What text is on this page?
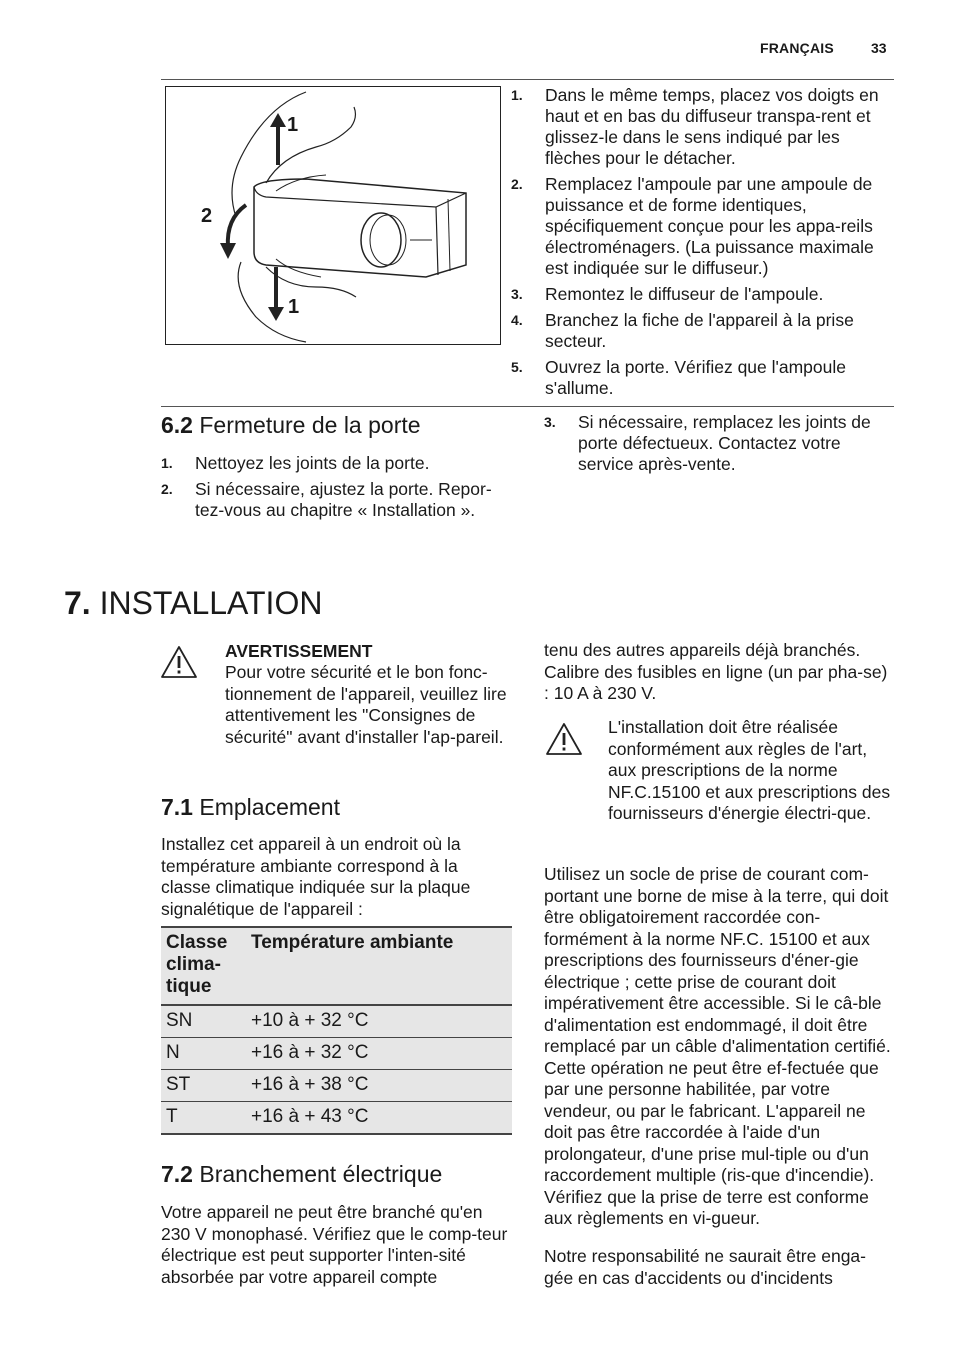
FRANÇAIS	33
1
2
1
1. Dans le même temps, placez vos doigts en haut et en bas du diffuseur transpa-rent et glissez-le dans le sens indiqué par les flèches pour le détacher.
2. Remplacez l'ampoule par une ampoule de puissance et de forme identiques, spécifiquement conçue pour les appa-reils électroménagers. (La puissance maximale est indiquée sur le diffuseur.)
3. Remontez le diffuseur de l'ampoule.
4. Branchez la fiche de l'appareil à la prise secteur.
5. Ouvrez la porte. Vérifiez que l'ampoule s'allume.
6.2 Fermeture de la porte
1. Nettoyez les joints de la porte.
2. Si nécessaire, ajustez la porte. Repor-tez-vous au chapitre « Installation ».
3. Si nécessaire, remplacez les joints de porte défectueux. Contactez votre service après-vente.
7. INSTALLATION
AVERTISSEMENT
Pour votre sécurité et le bon fonc-tionnement de l'appareil, veuillez lire attentivement les "Consignes de sécurité" avant d'installer l'ap-pareil.
7.1 Emplacement
Installez cet appareil à un endroit où la température ambiante correspond à la classe climatique indiquée sur la plaque signalétique de l'appareil :
Classe clima-tique	Température ambiante
SN	+10 à + 32 °C
N	+16 à + 32 °C
ST	+16 à + 38 °C
T	+16 à + 43 °C
7.2 Branchement électrique
Votre appareil ne peut être branché qu'en 230 V monophasé. Vérifiez que le comp-teur électrique est peut supporter l'inten-sité absorbée par votre appareil compte
tenu des autres appareils déjà branchés. Calibre des fusibles en ligne (un par pha-se) : 10 A à 230 V.
L'installation doit être réalisée conformément aux règles de l'art, aux prescriptions de la norme NF.C.15100 et aux prescriptions des fournisseurs d'énergie électri-que.
Utilisez un socle de prise de courant com-portant une borne de mise à la terre, qui doit être obligatoirement raccordée con-formément à la norme NF.C. 15100 et aux prescriptions des fournisseurs d'éner-gie électrique ; cette prise de courant doit impérativement être accessible. Si le câ-ble d'alimentation est endommagé, il doit être remplacé par un câble d'alimentation certifié. Cette opération ne peut être ef-fectuée que par une personne habilitée, par votre vendeur, ou par le fabricant. L'appareil ne doit pas être raccordée à l'aide d'un prolongateur, d'une prise mul-tiple ou d'un raccordement multiple (ris-que d'incendie). Vérifiez que la prise de terre est conforme aux règlements en vi-gueur.
Notre responsabilité ne saurait être enga-gée en cas d'accidents ou d'incidents
